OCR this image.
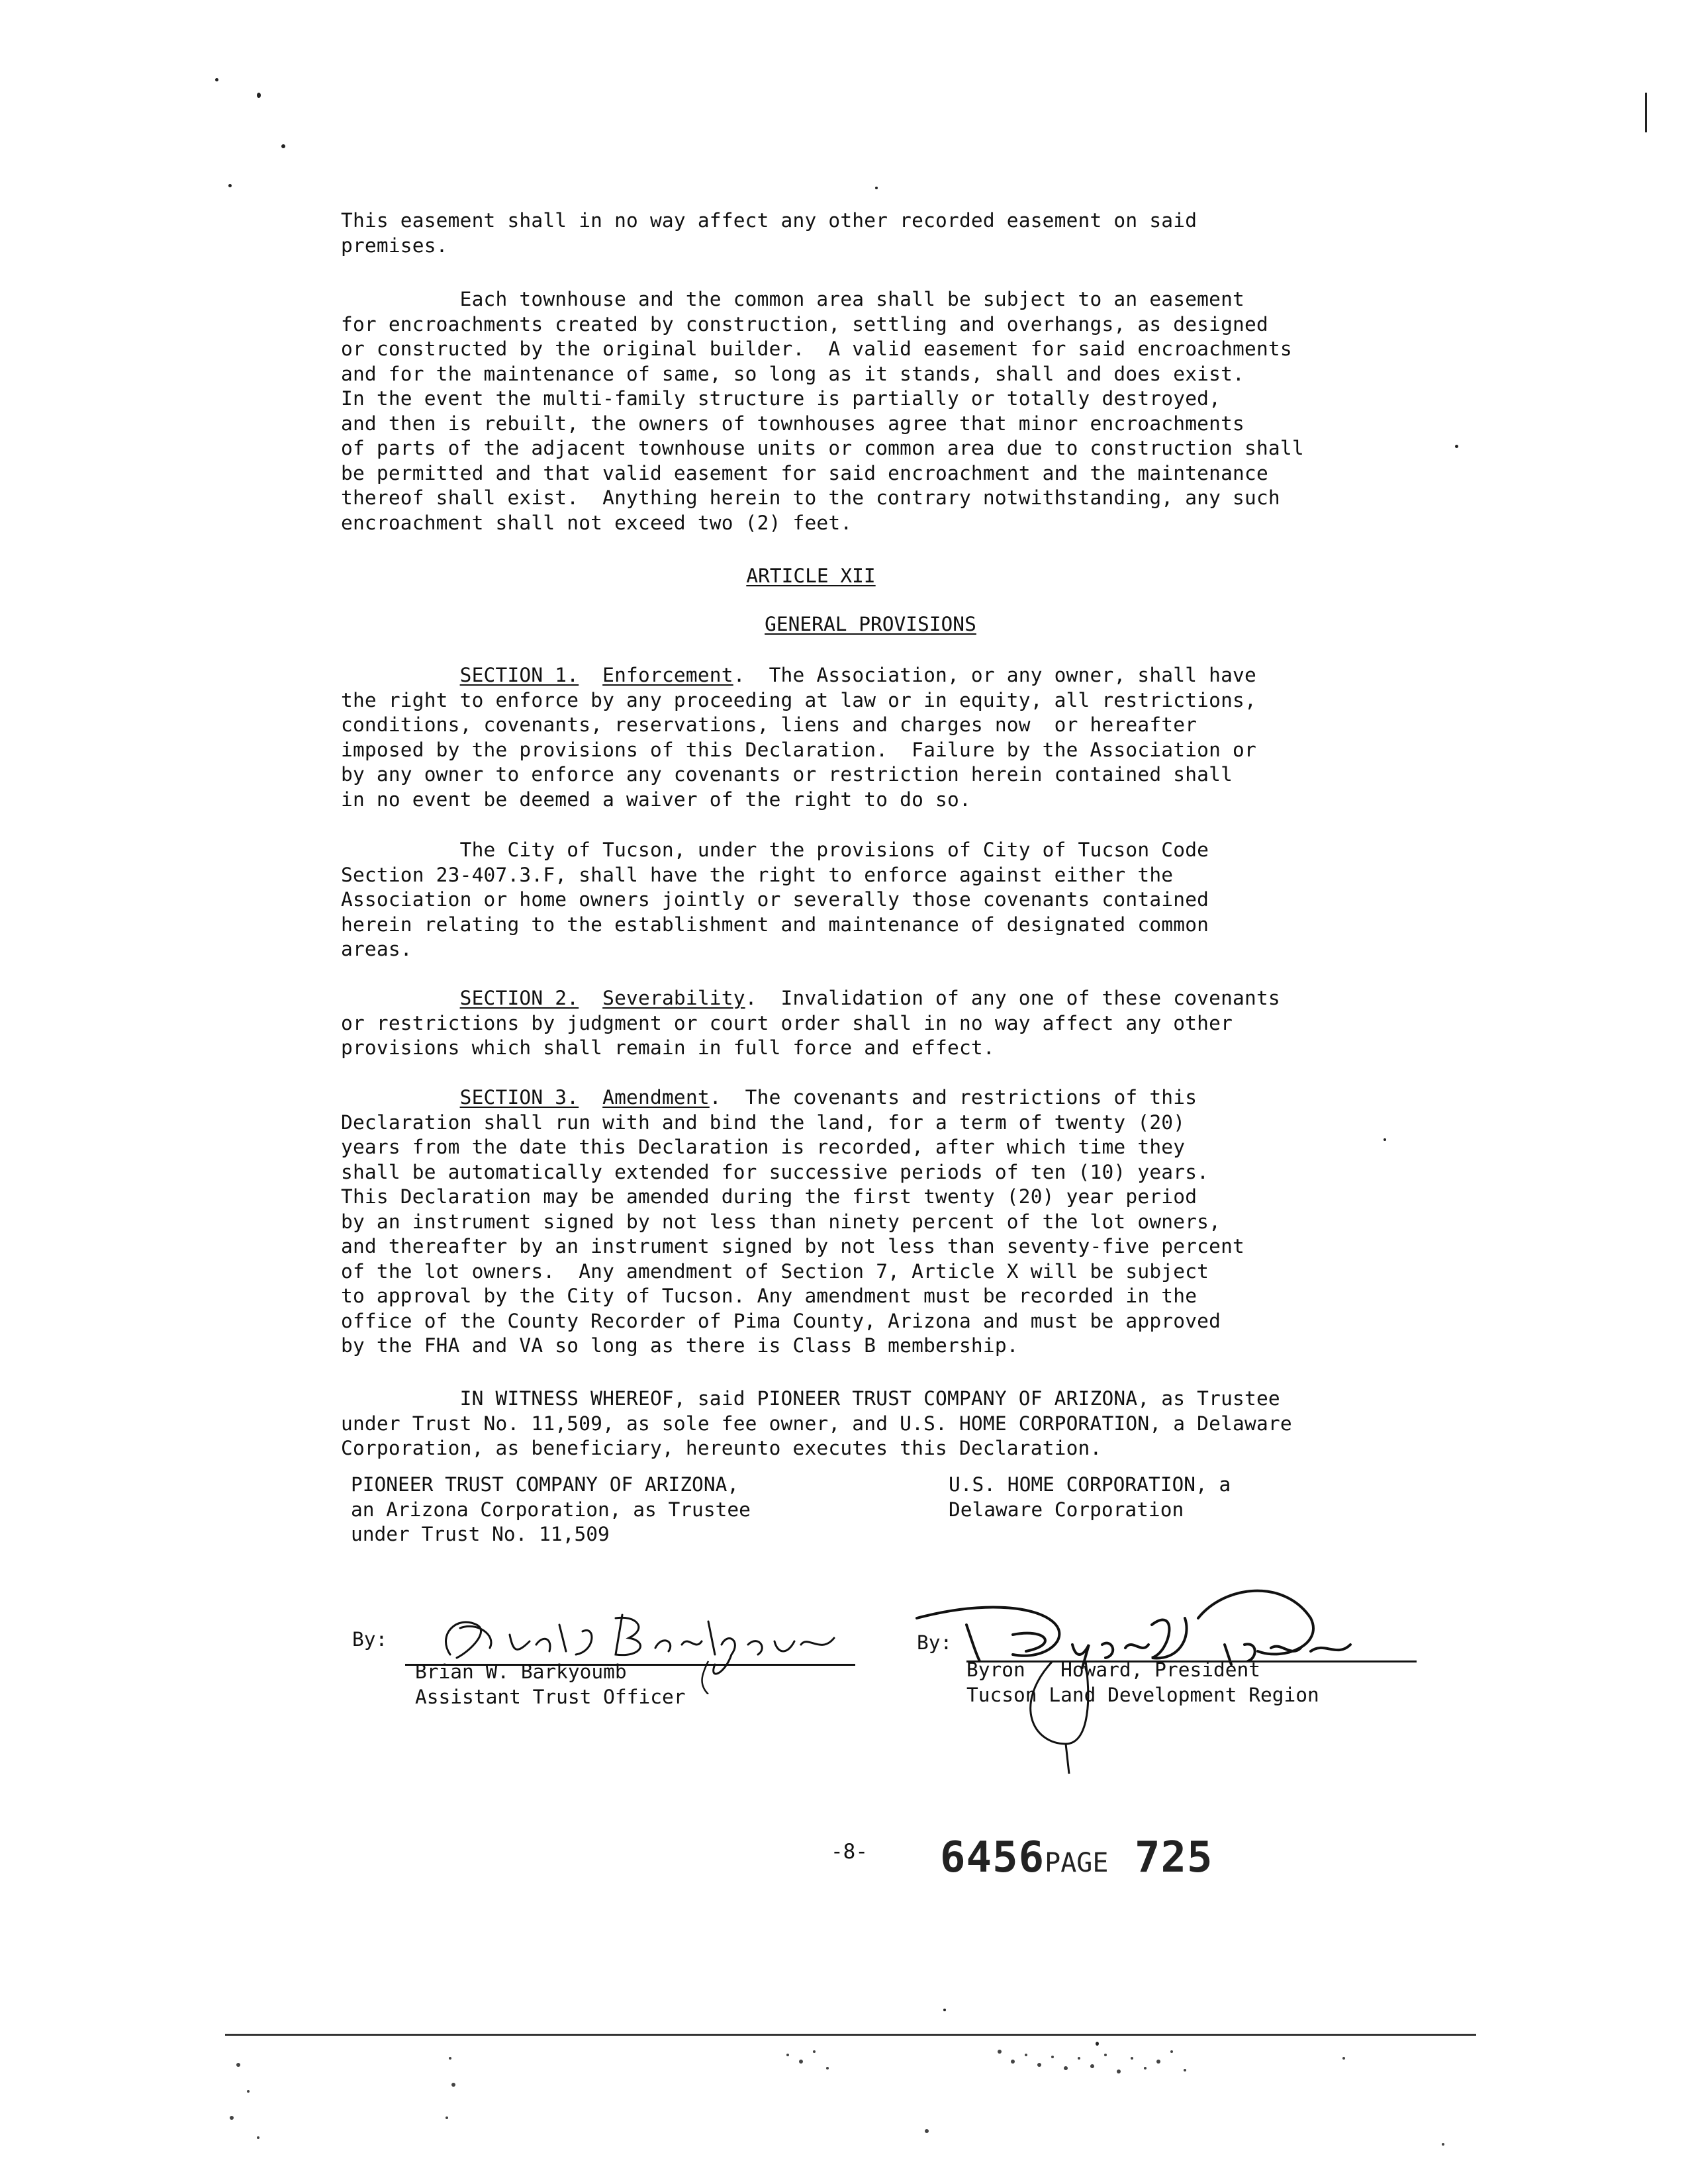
This easement shall in no way affect any other recorded easement on said
premises.
Each townhouse and the common area shall be subject to an easement
for encroachments created by construction, settling and overhangs, as designed
or constructed by the original builder.  A valid easement for said encroachments
and for the maintenance of same, so long as it stands, shall and does exist.
In the event the multi-family structure is partially or totally destroyed,
and then is rebuilt, the owners of townhouses agree that minor encroachments
of parts of the adjacent townhouse units or common area due to construction shall
be permitted and that valid easement for said encroachment and the maintenance
thereof shall exist.  Anything herein to the contrary notwithstanding, any such
encroachment shall not exceed two (2) feet.
ARTICLE XII
GENERAL PROVISIONS
SECTION 1. Enforcement.  The Association, or any owner, shall have
the right to enforce by any proceeding at law or in equity, all restrictions,
conditions, covenants, reservations, liens and charges now  or hereafter
imposed by the provisions of this Declaration.  Failure by the Association or
by any owner to enforce any covenants or restriction herein contained shall
in no event be deemed a waiver of the right to do so.
The City of Tucson, under the provisions of City of Tucson Code
Section 23-407.3.F, shall have the right to enforce against either the
Association or home owners jointly or severally those covenants contained
herein relating to the establishment and maintenance of designated common
areas.
SECTION 2. Severability.  Invalidation of any one of these covenants
or restrictions by judgment or court order shall in no way affect any other
provisions which shall remain in full force and effect.
SECTION 3. Amendment.  The covenants and restrictions of this
Declaration shall run with and bind the land, for a term of twenty (20)
years from the date this Declaration is recorded, after which time they
shall be automatically extended for successive periods of ten (10) years.
This Declaration may be amended during the first twenty (20) year period
by an instrument signed by not less than ninety percent of the lot owners,
and thereafter by an instrument signed by not less than seventy-five percent
of the lot owners.  Any amendment of Section 7, Article X will be subject
to approval by the City of Tucson. Any amendment must be recorded in the
office of the County Recorder of Pima County, Arizona and must be approved
by the FHA and VA so long as there is Class B membership.
IN WITNESS WHEREOF, said PIONEER TRUST COMPANY OF ARIZONA, as Trustee
under Trust No. 11,509, as sole fee owner, and U.S. HOME CORPORATION, a Delaware
Corporation, as beneficiary, hereunto executes this Declaration.
PIONEER TRUST COMPANY OF ARIZONA,
an Arizona Corporation, as Trustee
under Trust No. 11,509
U.S. HOME CORPORATION, a
Delaware Corporation
By:
Brian W. Barkyoumb
Assistant Trust Officer
By:
Byron   Howard, President
Tucson Land Development Region
-8- 6456PAGE 725
